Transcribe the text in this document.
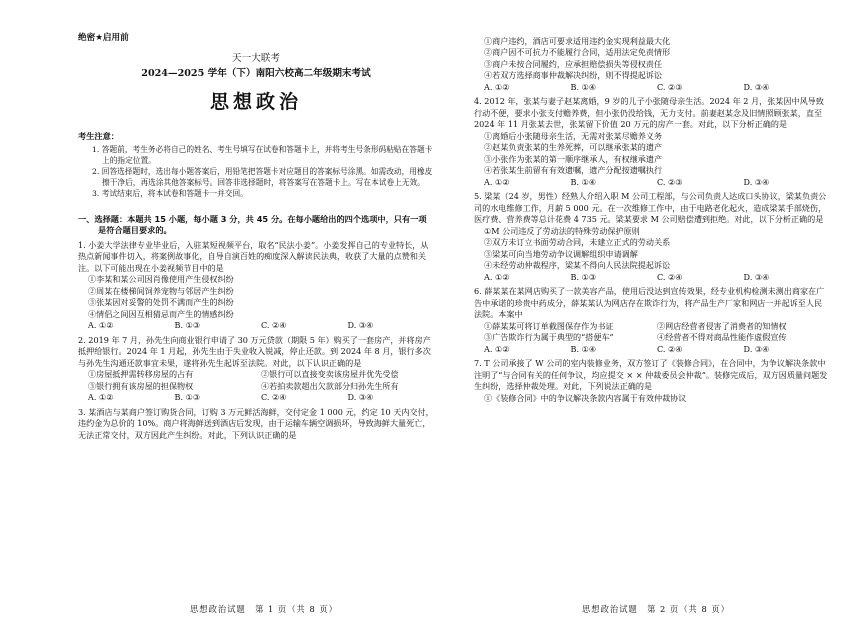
绝密★启用前
天一大联考
2024—2025 学年（下）南阳六校高二年级期末考试
思想政治
考生注意：
1. 答题前，考生务必将自己的姓名、考生号填写在试卷和答题卡上，并将考生号条形码粘贴在答题卡上的指定位置。
2. 回答选择题时，选出每小题答案后，用铅笔把答题卡对应题目的答案标号涂黑。如需改动，用橡皮擦干净后，再选涂其他答案标号。回答非选择题时，将答案写在答题卡上。写在本试卷上无效。
3. 考试结束后，将本试卷和答题卡一并交回。
一、选择题：本题共 15 小题，每小题 3 分，共 45 分。在每小题给出的四个选项中，只有一项是符合题目要求的。

1. 小姜大学法律专业毕业后，入驻某短视频平台，取名“民法小姜”。小姜发挥自己的专业特长，从热点新闻事件切入，将案例故事化，自导自演百姓的痴度深入解读民法典，收获了大量的点赞和关注。以下可能出现在小姜视频节目中的是

①李某和某公司因肖像使用产生侵权纠纷

②周某在楼梯间饲养宠物与邻居产生纠纷

③张某因对妥警的处罚不满而产生的纠纷

④情侣之间因互相猜忌而产生的情感纠纷

A. ①②	B. ①③	C. ②④	D. ③④

2. 2019 年 7 月，孙先生向商业银行申请了 30 万元贷款（期限 5 年）购买了一套房产，并将房产抵押给银行。2024 年 1 月起，孙先生由于失业收入锐减，停止还款。到 2024 年 8 月，银行多次与孙先生沟通还款事宜未果，遂将孙先生起诉至法院。对此，以下认识正确的是

①房屋抵押需转移房屋的占有	②银行可以直接变卖该房屋并优先受偿
③银行拥有该房屋的担保物权	④若拍卖款超出欠款部分归孙先生所有
A. ①②	B. ①③	C. ②④	D. ③④

3. 某酒店与某商户签订购货合同，订购 3 万元鲜活海鲜，交付定金 1 000 元，约定 10 天内交付，违约金为总价的 10%。商户将海鲜送到酒店后发现，由于运输车辆空调损坏，导致海鲜大量死亡，无法正常交付，双方因此产生纠纷。对此，下列认识正确的是

①商户违约，酒店可要求适用违约金实现利益最大化

②商户因不可抗力不能履行合同，适用法定免责情形

③商户未按合同履约，应承担赔偿损失等侵权责任

④若双方选择商事仲裁解决纠纷，则不得提起诉讼

A. ①②	B. ①④	C. ②③	D. ③④

4. 2012 年，张某与妻子赵某离婚，9 岁的儿子小张随母亲生活。2024 年 2 月，张某因中风导致行动不便，要求小张支付赡养费，但小张仍没给钱，无力支付。前妻赵某念及旧情照顾张某，直至 2024 年 11 月张某去世，张某留下价值 20 万元的房产一套。对此，以下分析正确的是

①离婚后小张随母亲生活，无需对张某尽赡养义务

②赵某负责张某的生养死葬，可以继承张某的遗产

③小张作为张某的第一顺序继承人，有权继承遗产

④若张某生前留有有效遗嘱，遗产分配按遗嘱执行

A. ①②	B. ①④	C. ②③	D. ③④

5. 梁某（24 岁，男性）经熟人介绍入职 M 公司工程部，与公司负责人达成口头协议，梁某负责公司的水电维修工作，月薪 5 000 元。在一次维修工作中，由于电路老化起火，造成梁某手部烧伤，医疗费、营养费等总计花费 4 735 元。梁某要求 M 公司赔偿遭到拒绝。对此，以下分析正确的是

①M 公司违反了劳动法的特殊劳动保护原则

②双方未订立书面劳动合同，未建立正式的劳动关系

③梁某可向当地劳动争议调解组织申请调解

④未经劳动仲裁程序，梁某不得向人民法院提起诉讼

A. ①②	B. ①③	C. ②④	D. ③④

6. 薛某某在某网店购买了一款美容产品，使用后没达到宣传效果，经专业机构检测未测出商家在广告中承诺的珍贵中药成分，薛某某认为网店存在欺诈行为，将产品生产厂家和网店一并起诉至人民法院。本案中

①薛某某可将订单截图保存作为书证	②网店经营者侵害了消费者的知情权
③广告欺诈行为属于典型的“搭便车”	④经营者不得对商品性能作虚假宣传
A. ①②	B. ①④	C. ②④	D. ③④

7. T 公司承接了 W 公司的室内装修业务，双方签订了《装修合同》，在合同中，为争议解决条款中注明了“与合同有关的任何争议，均应提交 × × 仲裁委员会仲裁”。装修完成后，双方因质量问题发生纠纷，选择仲裁处理。对此，下列说法正确的是

①《装修合同》中的争议解决条款内容属于有效仲裁协议

思想政治试题　第 1 页（共 8 页）	思想政治试题　第 2 页（共 8 页）
